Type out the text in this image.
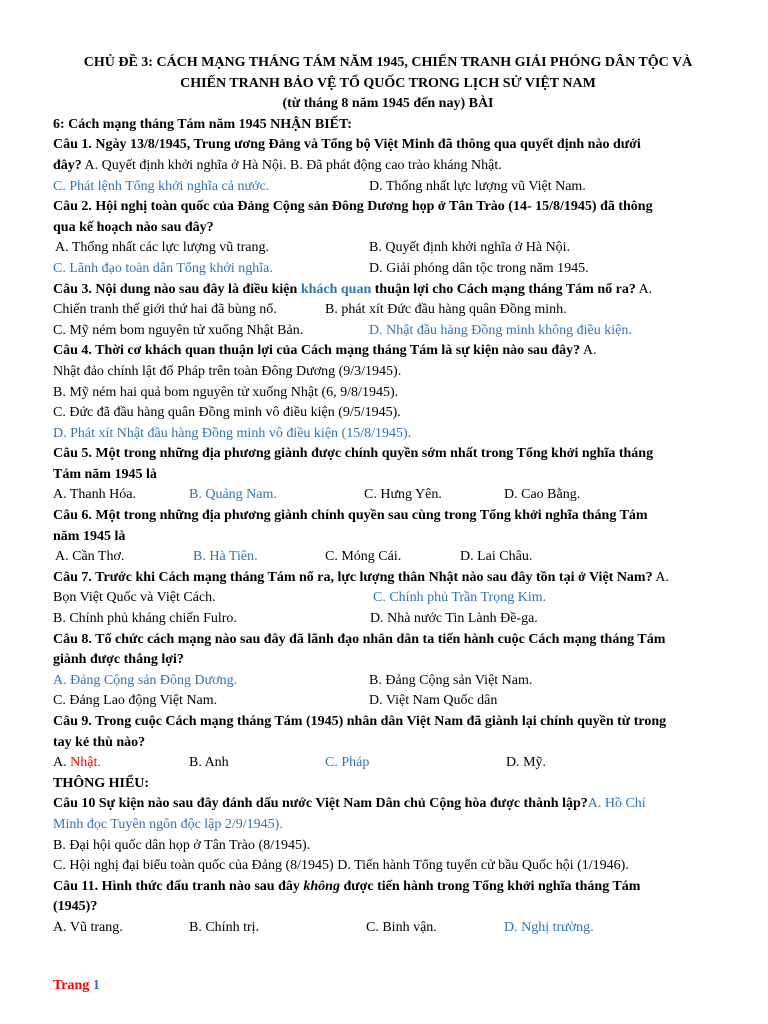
CHỦ ĐỀ 3: CÁCH MẠNG THÁNG TÁM NĂM 1945, CHIẾN TRANH GIẢI PHÓNG DÂN TỘC VÀ
CHIẾN TRANH BẢO VỆ TỔ QUỐC TRONG LỊCH SỬ VIỆT NAM
(từ tháng 8 năm 1945 đến nay) BÀI
6: Cách mạng tháng Tám năm 1945 NHẬN BIẾT:
Câu 1. Ngày 13/8/1945, Trung ương Đảng và Tổng bộ Việt Minh đã thông qua quyết định nào dưới
đây? A. Quyết định khởi nghĩa ở Hà Nội. B. Đã phát động cao trào kháng Nhật.
C. Phát lệnh Tổng khởi nghĩa cả nước.	D. Thống nhất lực lượng vũ Việt Nam.
Câu 2. Hội nghị toàn quốc của Đảng Cộng sản Đông Dương họp ở Tân Trào (14- 15/8/1945) đã thông
qua kế hoạch nào sau đây?
A. Thống nhất các lực lượng vũ trang.	B. Quyết định khởi nghĩa ở Hà Nội.
C. Lãnh đạo toàn dân Tổng khởi nghĩa.	D. Giải phóng dân tộc trong năm 1945.
Câu 3. Nội dung nào sau đây là điều kiện khách quan thuận lợi cho Cách mạng tháng Tám nổ ra? A.
Chiến tranh thế giới thứ hai đã bùng nổ.	B. phát xít Đức đầu hàng quân Đồng minh.
C. Mỹ ném bom nguyên tử xuống Nhật Bản.	D. Nhật đầu hàng Đồng minh không điều kiện.
Câu 4. Thời cơ khách quan thuận lợi của Cách mạng tháng Tám là sự kiện nào sau đây? A.
Nhật đảo chính lật đổ Pháp trên toàn Đông Dương (9/3/1945).
B. Mỹ ném hai quả bom nguyên tử xuống Nhật (6, 9/8/1945).
C. Đức đã đầu hàng quân Đồng minh vô điều kiện (9/5/1945).
D. Phát xít Nhật đầu hàng Đồng minh vô điều kiện (15/8/1945).
Câu 5. Một trong những địa phương giành được chính quyền sớm nhất trong Tổng khởi nghĩa tháng
Tám năm 1945 là
A. Thanh Hóa.	B. Quảng Nam.	C. Hưng Yên.	D. Cao Bằng.
Câu 6. Một trong những địa phương giành chính quyền sau cùng trong Tổng khởi nghĩa tháng Tám
năm 1945 là
A. Cần Thơ.	B. Hà Tiên.	C. Móng Cái.	D. Lai Châu.
Câu 7. Trước khi Cách mạng tháng Tám nổ ra, lực lượng thân Nhật nào sau đây tồn tại ở Việt Nam? A.
Bọn Việt Quốc và Việt Cách.	C. Chính phủ Trần Trọng Kim.
B. Chính phủ kháng chiến Fulro.	D. Nhà nước Tin Lành Đề-ga.
Câu 8. Tổ chức cách mạng nào sau đây đã lãnh đạo nhân dân ta tiến hành cuộc Cách mạng tháng Tám
giành được thắng lợi?
A. Đảng Cộng sản Đông Dương.	B. Đảng Cộng sản Việt Nam.
C. Đảng Lao động Việt Nam.	D. Việt Nam Quốc dân
Câu 9. Trong cuộc Cách mạng tháng Tám (1945) nhân dân Việt Nam đã giành lại chính quyền từ trong
tay kẻ thù nào?
A. Nhật.	B. Anh	C. Pháp	D. Mỹ.
THÔNG HIỂU:
Câu 10 Sự kiện nào sau đây đánh dấu nước Việt Nam Dân chủ Cộng hòa được thành lập?A. Hồ Chí
Minh đọc Tuyên ngôn độc lập 2/9/1945).
B. Đại hội quốc dân họp ở Tân Trào (8/1945).
C. Hội nghị đại biểu toàn quốc của Đảng (8/1945) D. Tiến hành Tổng tuyển cử bầu Quốc hội (1/1946).
Câu 11. Hình thức đấu tranh nào sau đây không được tiến hành trong Tổng khởi nghĩa tháng Tám
(1945)?
A. Vũ trang.	B. Chính trị.	C. Binh vận.	D. Nghị trường.
Trang 1
